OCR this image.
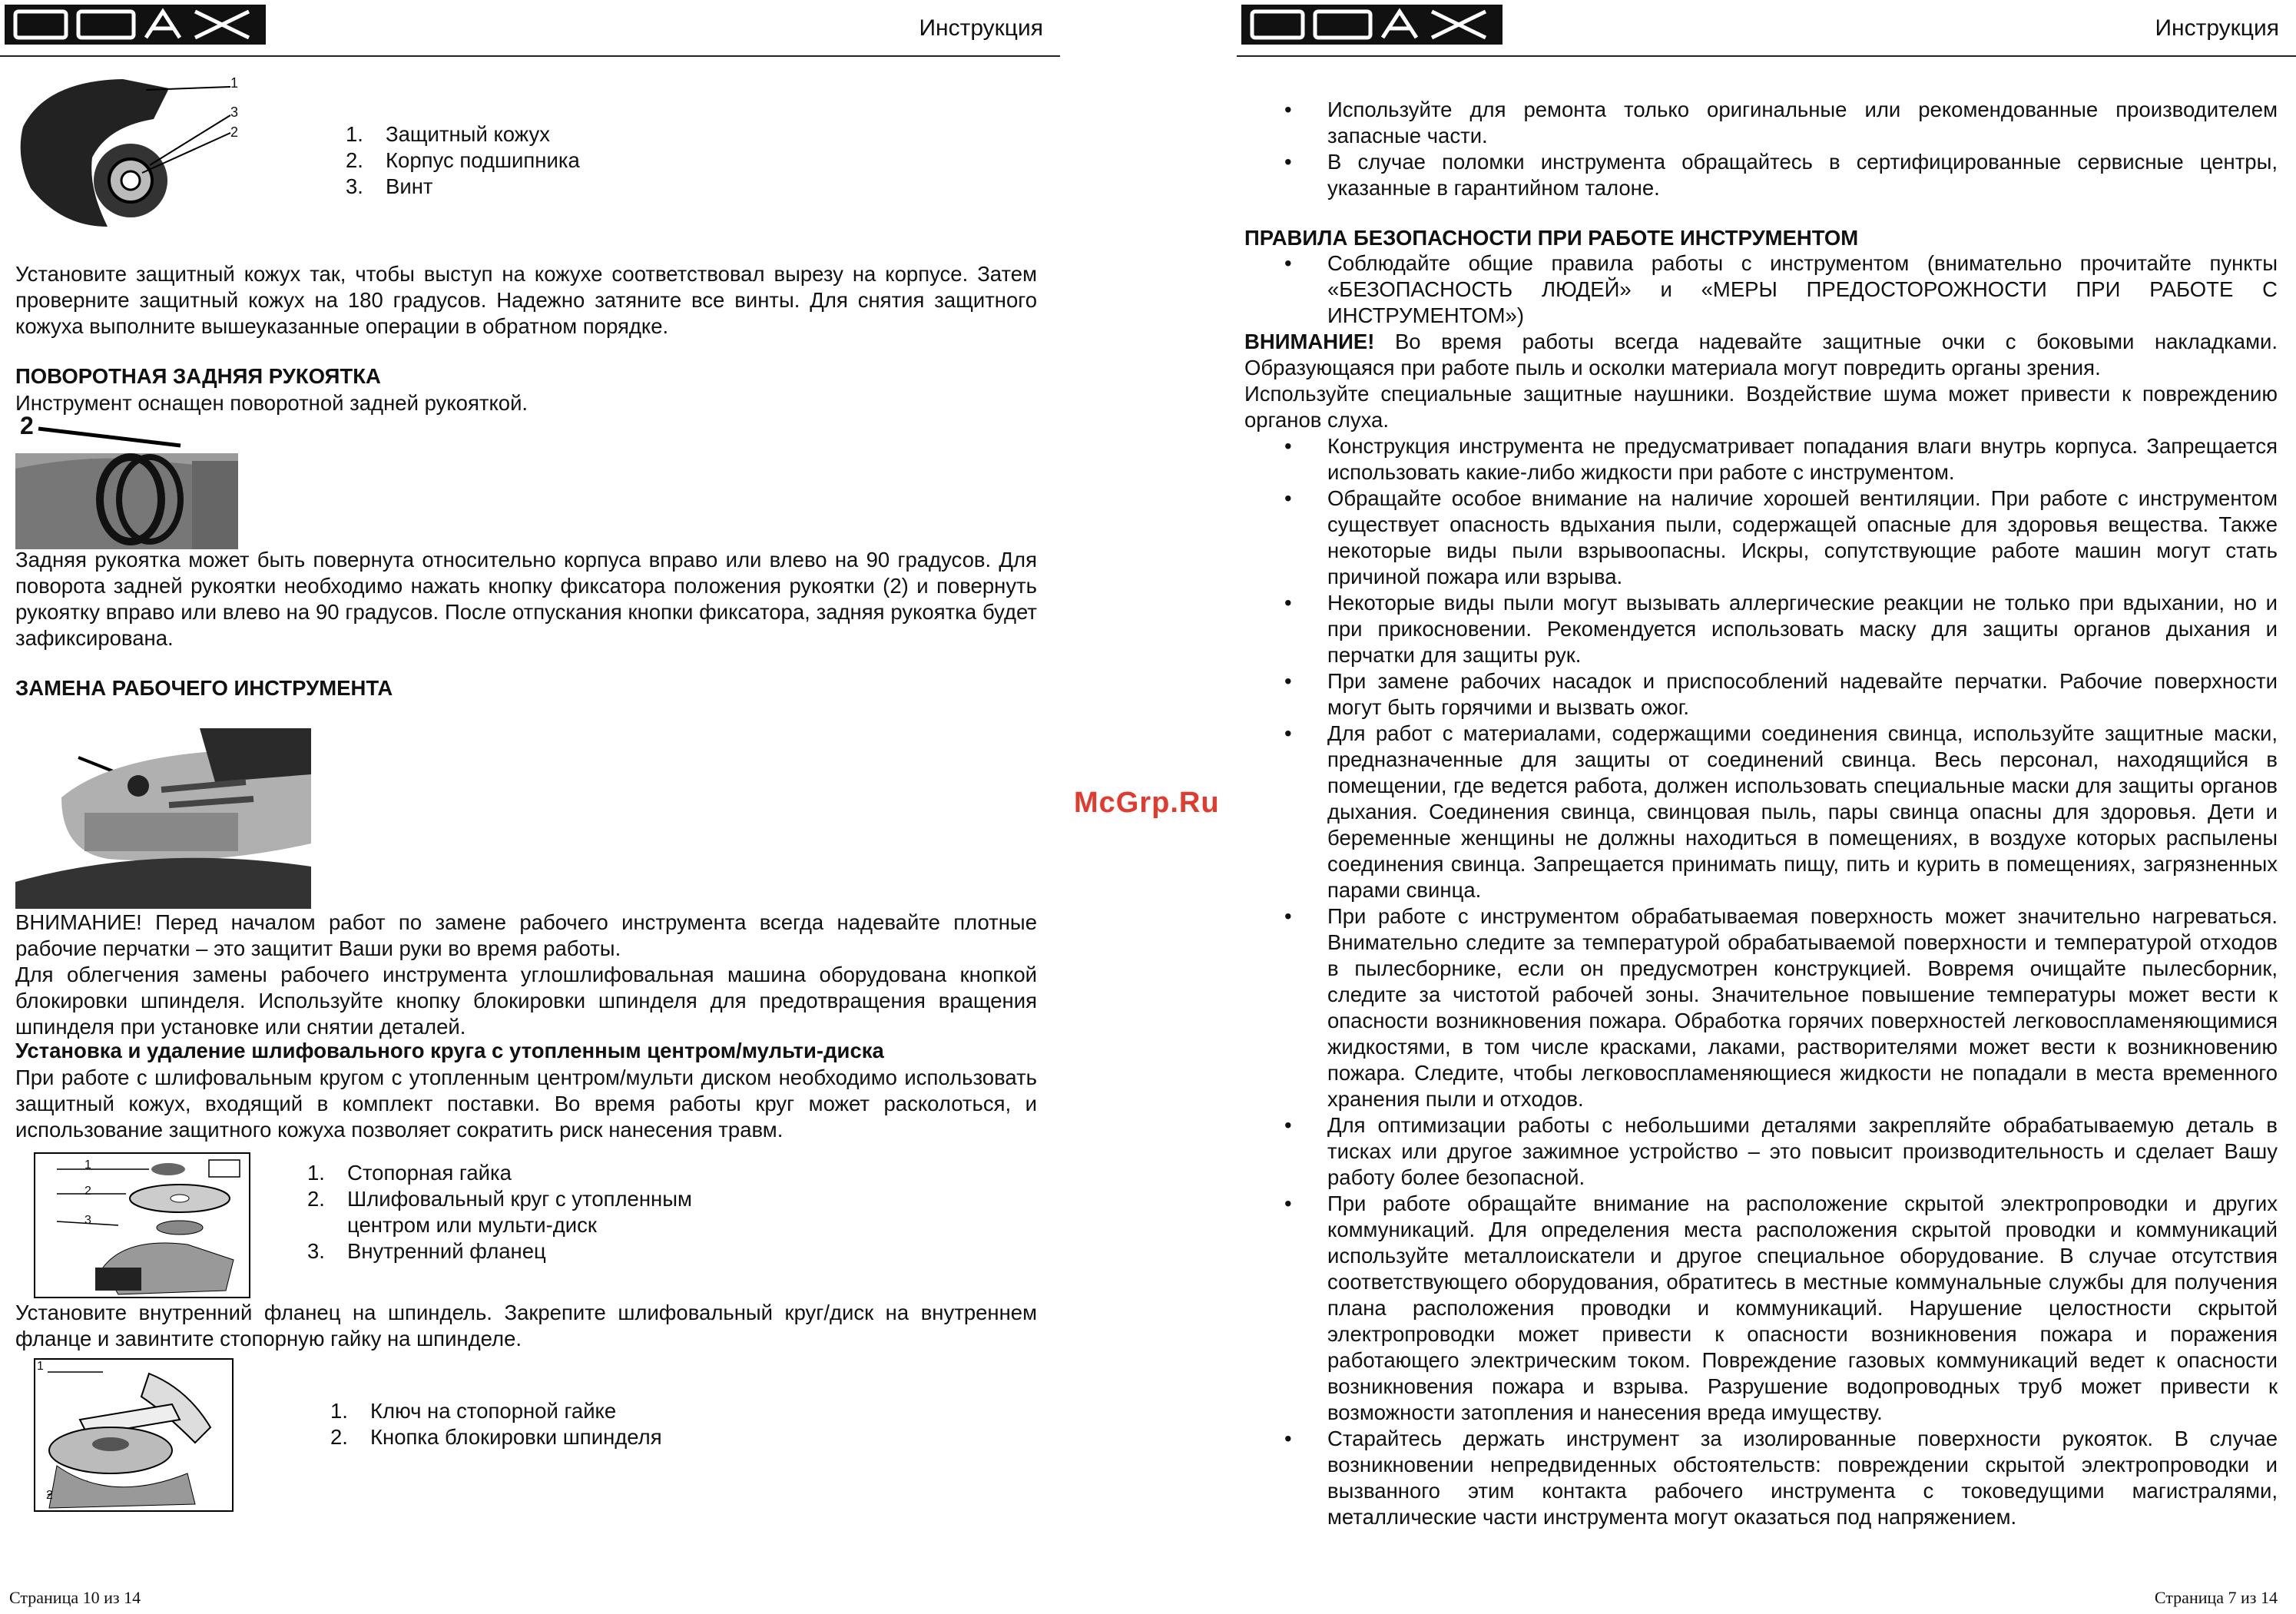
Инструкция
1
3
2	1. Защитный кожух
2. Корпус подшипника
3. Винт
Установите защитный кожух так, чтобы выступ на кожухе соответствовал вырезу на корпусе. Затем проверните защитный кожух на 180 градусов. Надежно затяните все винты. Для снятия защитного кожуха выполните вышеуказанные операции в обратном порядке.
ПОВОРОТНАЯ ЗАДНЯЯ РУКОЯТКА
Инструмент оснащен поворотной задней рукояткой.
2
Задняя рукоятка может быть повернута относительно корпуса вправо или влево на 90 градусов. Для поворота задней рукоятки необходимо нажать кнопку фиксатора положения рукоятки (2) и повернуть рукоятку вправо или влево на 90 градусов. После отпускания кнопки фиксатора, задняя рукоятка будет зафиксирована.
ЗАМЕНА РАБОЧЕГО ИНСТРУМЕНТА
ВНИМАНИЕ! Перед началом работ по замене рабочего инструмента всегда надевайте плотные рабочие перчатки – это защитит Ваши руки во время работы.
Для облегчения замены рабочего инструмента углошлифовальная машина оборудована кнопкой блокировки шпинделя. Используйте кнопку блокировки шпинделя для предотвращения вращения шпинделя при установке или снятии деталей.
Установка и удаление шлифовального круга с утопленным центром/мульти-диска
При работе с шлифовальным кругом с утопленным центром/мульти диском необходимо использовать защитный кожух, входящий в комплект поставки. Во время работы круг может расколоться, и использование защитного кожуха позволяет сократить риск нанесения травм.
1
2
3
1. Стопорная гайка
2. Шлифовальный круг с утопленным центром или мульти-диск
3. Внутренний фланец
Установите внутренний фланец на шпиндель. Закрепите шлифовальный круг/диск на внутреннем фланце и завинтите стопорную гайку на шпинделе.
1
2
1. Ключ на стопорной гайке
2. Кнопка блокировки шпинделя
Страница 10 из 14
McGrp.Ru
Инструкция
• Используйте для ремонта только оригинальные или рекомендованные производителем запасные части.
• В случае поломки инструмента обращайтесь в сертифицированные сервисные центры, указанные в гарантийном талоне.
ПРАВИЛА БЕЗОПАСНОСТИ ПРИ РАБОТЕ ИНСТРУМЕНТОМ
• Соблюдайте общие правила работы с инструментом (внимательно прочитайте пункты «БЕЗОПАСНОСТЬ ЛЮДЕЙ» и «МЕРЫ ПРЕДОСТОРОЖНОСТИ ПРИ РАБОТЕ С ИНСТРУМЕНТОМ»)
ВНИМАНИЕ! Во время работы всегда надевайте защитные очки с боковыми накладками. Образующаяся при работе пыль и осколки материала могут повредить органы зрения.
Используйте специальные защитные наушники. Воздействие шума может привести к повреждению органов слуха.
• Конструкция инструмента не предусматривает попадания влаги внутрь корпуса. Запрещается использовать какие-либо жидкости при работе с инструментом.
• Обращайте особое внимание на наличие хорошей вентиляции. При работе с инструментом существует опасность вдыхания пыли, содержащей опасные для здоровья вещества. Также некоторые виды пыли взрывоопасны. Искры, сопутствующие работе машин могут стать причиной пожара или взрыва.
• Некоторые виды пыли могут вызывать аллергические реакции не только при вдыхании, но и при прикосновении. Рекомендуется использовать маску для защиты органов дыхания и перчатки для защиты рук.
• При замене рабочих насадок и приспособлений надевайте перчатки. Рабочие поверхности могут быть горячими и вызвать ожог.
• Для работ с материалами, содержащими соединения свинца, используйте защитные маски, предназначенные для защиты от соединений свинца. Весь персонал, находящийся в помещении, где ведется работа, должен использовать специальные маски для защиты органов дыхания. Соединения свинца, свинцовая пыль, пары свинца опасны для здоровья. Дети и беременные женщины не должны находиться в помещениях, в воздухе которых распылены соединения свинца. Запрещается принимать пищу, пить и курить в помещениях, загрязненных парами свинца.
• При работе с инструментом обрабатываемая поверхность может значительно нагреваться. Внимательно следите за температурой обрабатываемой поверхности и температурой отходов в пылесборнике, если он предусмотрен конструкцией. Вовремя очищайте пылесборник, следите за чистотой рабочей зоны. Значительное повышение температуры может вести к опасности возникновения пожара. Обработка горячих поверхностей легковоспламеняющимися жидкостями, в том числе красками, лаками, растворителями может вести к возникновению пожара. Следите, чтобы легковоспламеняющиеся жидкости не попадали в места временного хранения пыли и отходов.
• Для оптимизации работы с небольшими деталями закрепляйте обрабатываемую деталь в тисках или другое зажимное устройство – это повысит производительность и сделает Вашу работу более безопасной.
• При работе обращайте внимание на расположение скрытой электропроводки и других коммуникаций. Для определения места расположения скрытой проводки и коммуникаций используйте металлоискатели и другое специальное оборудование. В случае отсутствия соответствующего оборудования, обратитесь в местные коммунальные службы для получения плана расположения проводки и коммуникаций. Нарушение целостности скрытой электропроводки может привести к опасности возникновения пожара и поражения работающего электрическим током. Повреждение газовых коммуникаций ведет к опасности возникновения пожара и взрыва. Разрушение водопроводных труб может привести к возможности затопления и нанесения вреда имуществу.
• Старайтесь держать инструмент за изолированные поверхности рукояток. В случае возникновении непредвиденных обстоятельств: повреждении скрытой электропроводки и вызванного этим контакта рабочего инструмента с токоведущими магистралями, металлические части инструмента могут оказаться под напряжением.
Страница 7 из 14
